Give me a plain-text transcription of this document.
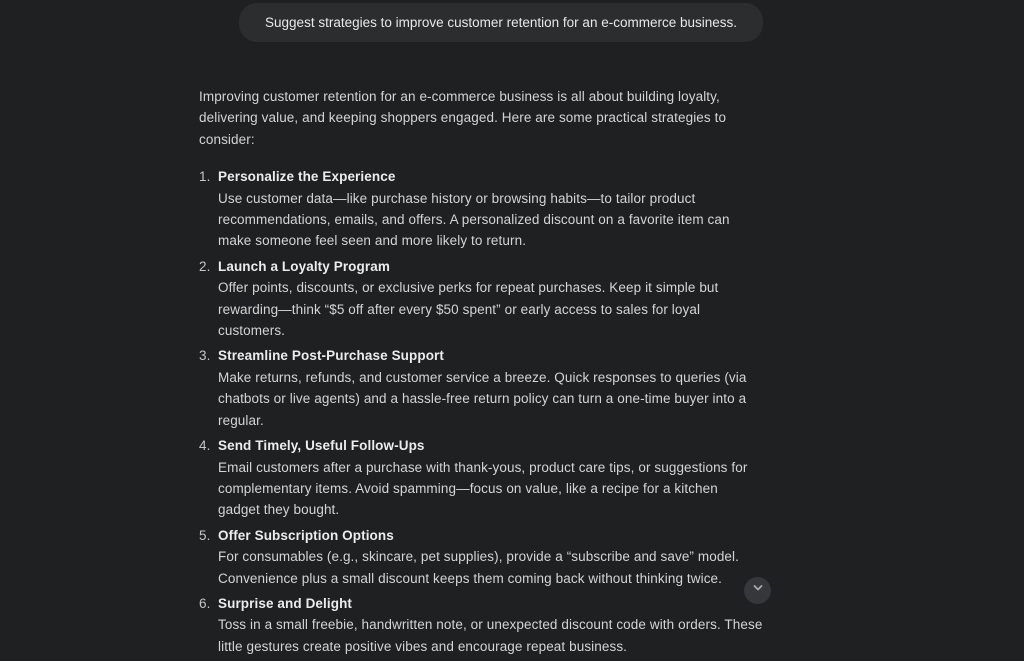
Suggest strategies to improve customer retention for an e-commerce business.

Improving customer retention for an e-commerce business is all about building loyalty, delivering value, and keeping shoppers engaged. Here are some practical strategies to consider:

1. Personalize the Experience
Use customer data—like purchase history or browsing habits—to tailor product recommendations, emails, and offers. A personalized discount on a favorite item can make someone feel seen and more likely to return.
2. Launch a Loyalty Program
Offer points, discounts, or exclusive perks for repeat purchases. Keep it simple but rewarding—think “$5 off after every $50 spent” or early access to sales for loyal customers.
3. Streamline Post-Purchase Support
Make returns, refunds, and customer service a breeze. Quick responses to queries (via chatbots or live agents) and a hassle-free return policy can turn a one-time buyer into a regular.
4. Send Timely, Useful Follow-Ups
Email customers after a purchase with thank-yous, product care tips, or suggestions for complementary items. Avoid spamming—focus on value, like a recipe for a kitchen gadget they bought.
5. Offer Subscription Options
For consumables (e.g., skincare, pet supplies), provide a “subscribe and save” model. Convenience plus a small discount keeps them coming back without thinking twice.
6. Surprise and Delight
Toss in a small freebie, handwritten note, or unexpected discount code with orders. These little gestures create positive vibes and encourage repeat business.
